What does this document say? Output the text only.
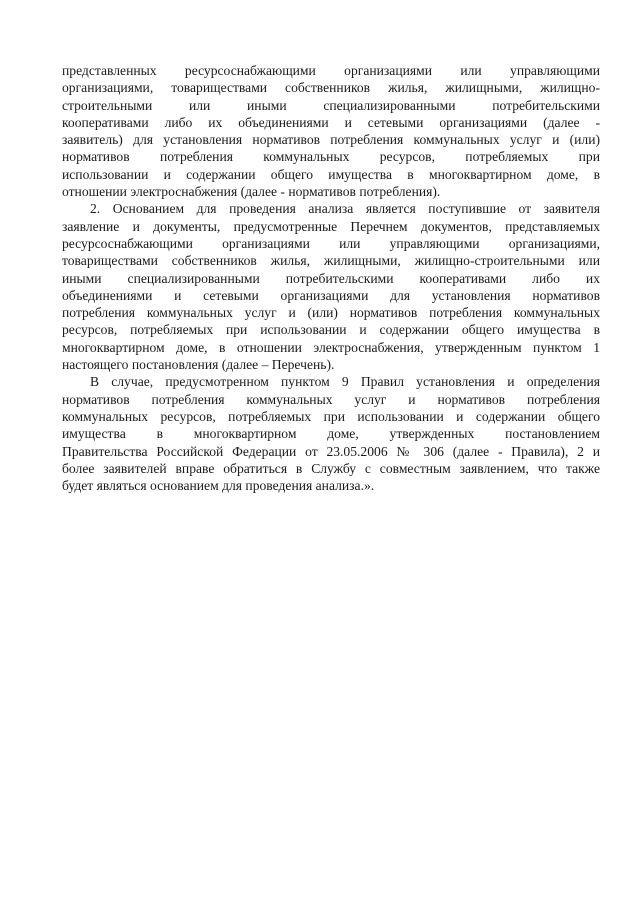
представленных ресурсоснабжающими организациями или управляющими
организациями, товариществами собственников жилья, жилищными, жилищно-
строительными или иными специализированными потребительскими
кооперативами либо их объединениями и сетевыми организациями (далее -
заявитель) для установления нормативов потребления коммунальных услуг и (или)
нормативов потребления коммунальных ресурсов, потребляемых при
использовании и содержании общего имущества в многоквартирном доме, в
отношении электроснабжения (далее - нормативов потребления).
2. Основанием для проведения анализа является поступившие от заявителя
заявление и документы, предусмотренные Перечнем документов, представляемых
ресурсоснабжающими организациями или управляющими организациями,
товариществами собственников жилья, жилищными, жилищно-строительными или
иными специализированными потребительскими кооперативами либо их
объединениями и сетевыми организациями для установления нормативов
потребления коммунальных услуг и (или) нормативов потребления коммунальных
ресурсов, потребляемых при использовании и содержании общего имущества в
многоквартирном доме, в отношении электроснабжения, утвержденным пунктом 1
настоящего постановления (далее – Перечень).
В случае, предусмотренном пунктом 9 Правил установления и определения
нормативов потребления коммунальных услуг и нормативов потребления
коммунальных ресурсов, потребляемых при использовании и содержании общего
имущества в многоквартирном доме, утвержденных постановлением
Правительства Российской Федерации от 23.05.2006 № 306 (далее - Правила), 2 и
более заявителей вправе обратиться в Службу с совместным заявлением, что также
будет являться основанием для проведения анализа.».
